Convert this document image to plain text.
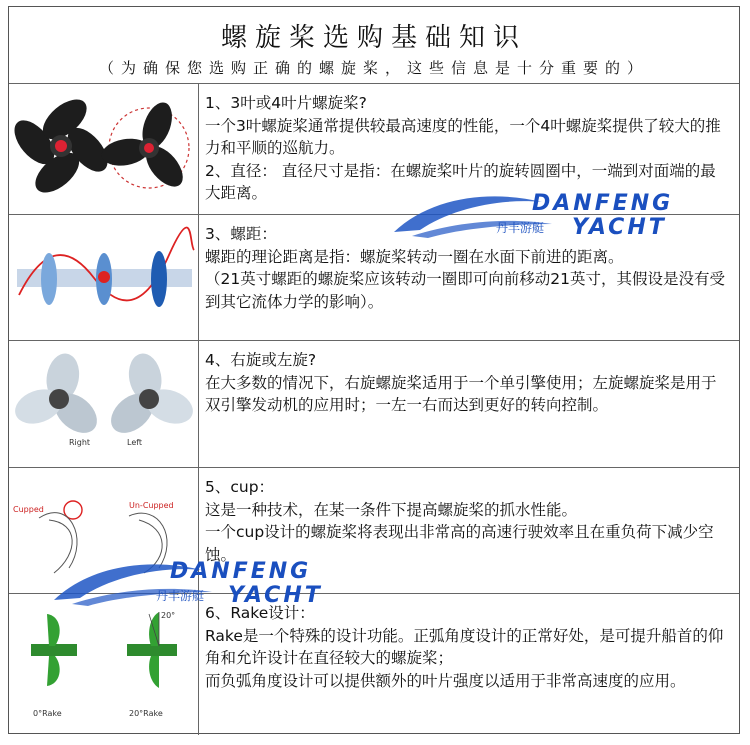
螺旋桨选购基础知识
（为确保您选购正确的螺旋桨，这些信息是十分重要的）
1、3叶或4叶片螺旋桨?
一个3叶螺旋桨通常提供较最高速度的性能，一个4叶螺旋桨提供了较大的推力和平顺的巡航力。
2、直径： 直径尺寸是指：在螺旋桨叶片的旋转圆圈中，一端到对面端的最大距离。
3、螺距：
螺距的理论距离是指：螺旋桨转动一圈在水面下前进的距离。
（21英寸螺距的螺旋桨应该转动一圈即可向前移动21英寸，其假设是没有受到其它流体力学的影响）。
Right	Left
4、右旋或左旋?
在大多数的情况下，右旋螺旋桨适用于一个单引擎使用；左旋螺旋桨是用于双引擎发动机的应用时；一左一右而达到更好的转向控制。
Cupped	Un-Cupped
5、cup：
这是一种技术，在某一条件下提高螺旋桨的抓水性能。
一个cup设计的螺旋桨将表现出非常高的高速行驶效率且在重负荷下减少空蚀。
20°
0°Rake	20°Rake
6、Rake设计：
Rake是一个特殊的设计功能。正弧角度设计的正常好处，是可提升船首的仰角和允许设计在直径较大的螺旋桨；
而负弧角度设计可以提供额外的叶片强度以适用于非常高速度的应用。
DANFENG
丹丰游艇 YACHT
DANFENG
丹丰游艇 YACHT
